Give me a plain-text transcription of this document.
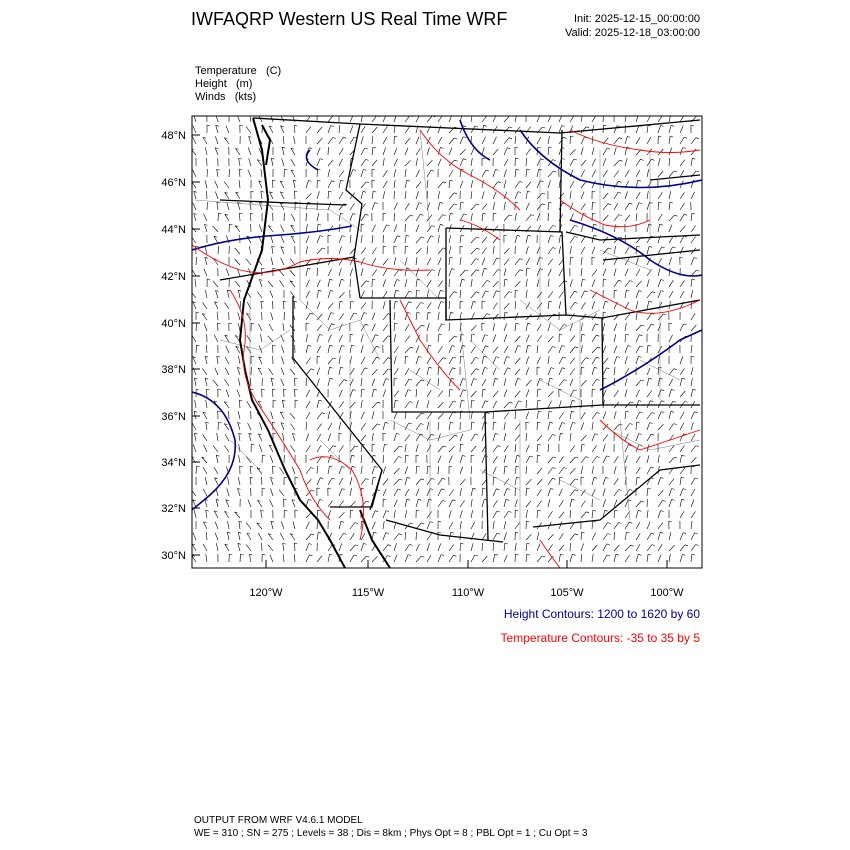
IWFAQRP Western US Real Time WRF	Init: 2025-12-15_00:00:00
Valid: 2025-12-18_03:00:00
Temperature (C)
Height (m)
Winds (kts)
48°N
46°N
44°N
42°N
40°N
38°N
36°N
34°N
32°N
30°N
120°W	115°W	110°W	105°W	100°W
Height Contours: 1200 to 1620 by 60
Temperature Contours: -35 to 35 by 5
OUTPUT FROM WRF V4.6.1 MODEL
WE = 310 ; SN = 275 ; Levels = 38 ; Dis = 8km ; Phys Opt = 8 ; PBL Opt = 1 ; Cu Opt = 3
